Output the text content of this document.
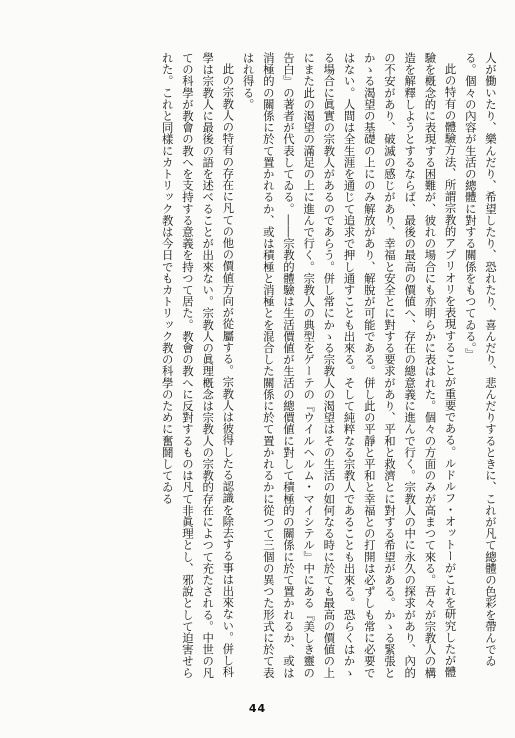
人が働いたり、樂んだり、希望したり、恐れたり、喜んだり、悲んだりするときに、これが凡て總體の色彩を帶んでゐる。個々の內容が生活の總體に對する關係をもつてゐる。』

此の特有の體驗方法、所謂宗教的アプリオリを表現することが重要である。ルドルフ・オットーがこれを研究したが體驗を槪念的に表現する困難が、彼れの場合にも亦明らかに表はれた。個々の方面のみが高まつて來る。吾々が宗教人の構造を解釋しようとするならば、最後の最高の價値へ、存在の總意義に進んで行く。宗教人の中に永久の探求があり、內的の不安があり、破滅の感じがあり、幸福と安全とに對する要求があり、平和と救濟とに對する希望がある。かゝる緊張とかゝる渴望の基礎の上にのみ解放があり、解脫が可能である。併し此の平靜と平和と幸福との打開は必ずしも常に必要ではない。人間は全生涯を通じて追求で押し通すことも出來る。そして純粹なる宗教人であることも出來る。恐らくはかゝる場合に眞實の宗教人があるのであらう。併し常にかゝる宗教人の渴望はその生活の如何なる時に於ても最高の價値の上にまた此の渴望の滿足の上に進んで行く。宗教人の典型をゲーテの『ウイルヘルム・マイシテル』中にある『美しき靈の告白』の著者が代表してゐる。――宗教的體驗は生活價値が生活の總價値に對して積極的の關係に於て置かれるか、或は消極的の關係に於て置かれるか、或は積極と消極とを混合した關係に於て置かれるかに從つて三個の異つた形式に於て表はれ得る。

此の宗教人の特有の存在に凡ての他の價値方向が從屬する。宗教人は彼得したる認識を除去する事は出來ない。併し科學は宗教人に最後の語を述べることが出來ない。宗教人の眞理槪念は宗教人の宗教的存在によつて充たされる。中世の凡ての科學が教會の教へを支持する意義を持つて居た。教會の教へに反對するものは凡て非眞理とし、邪說として迫害せられた。これと同樣にカトリック教は今日でもカトリック教の科學のために奮鬪してゐる

44
